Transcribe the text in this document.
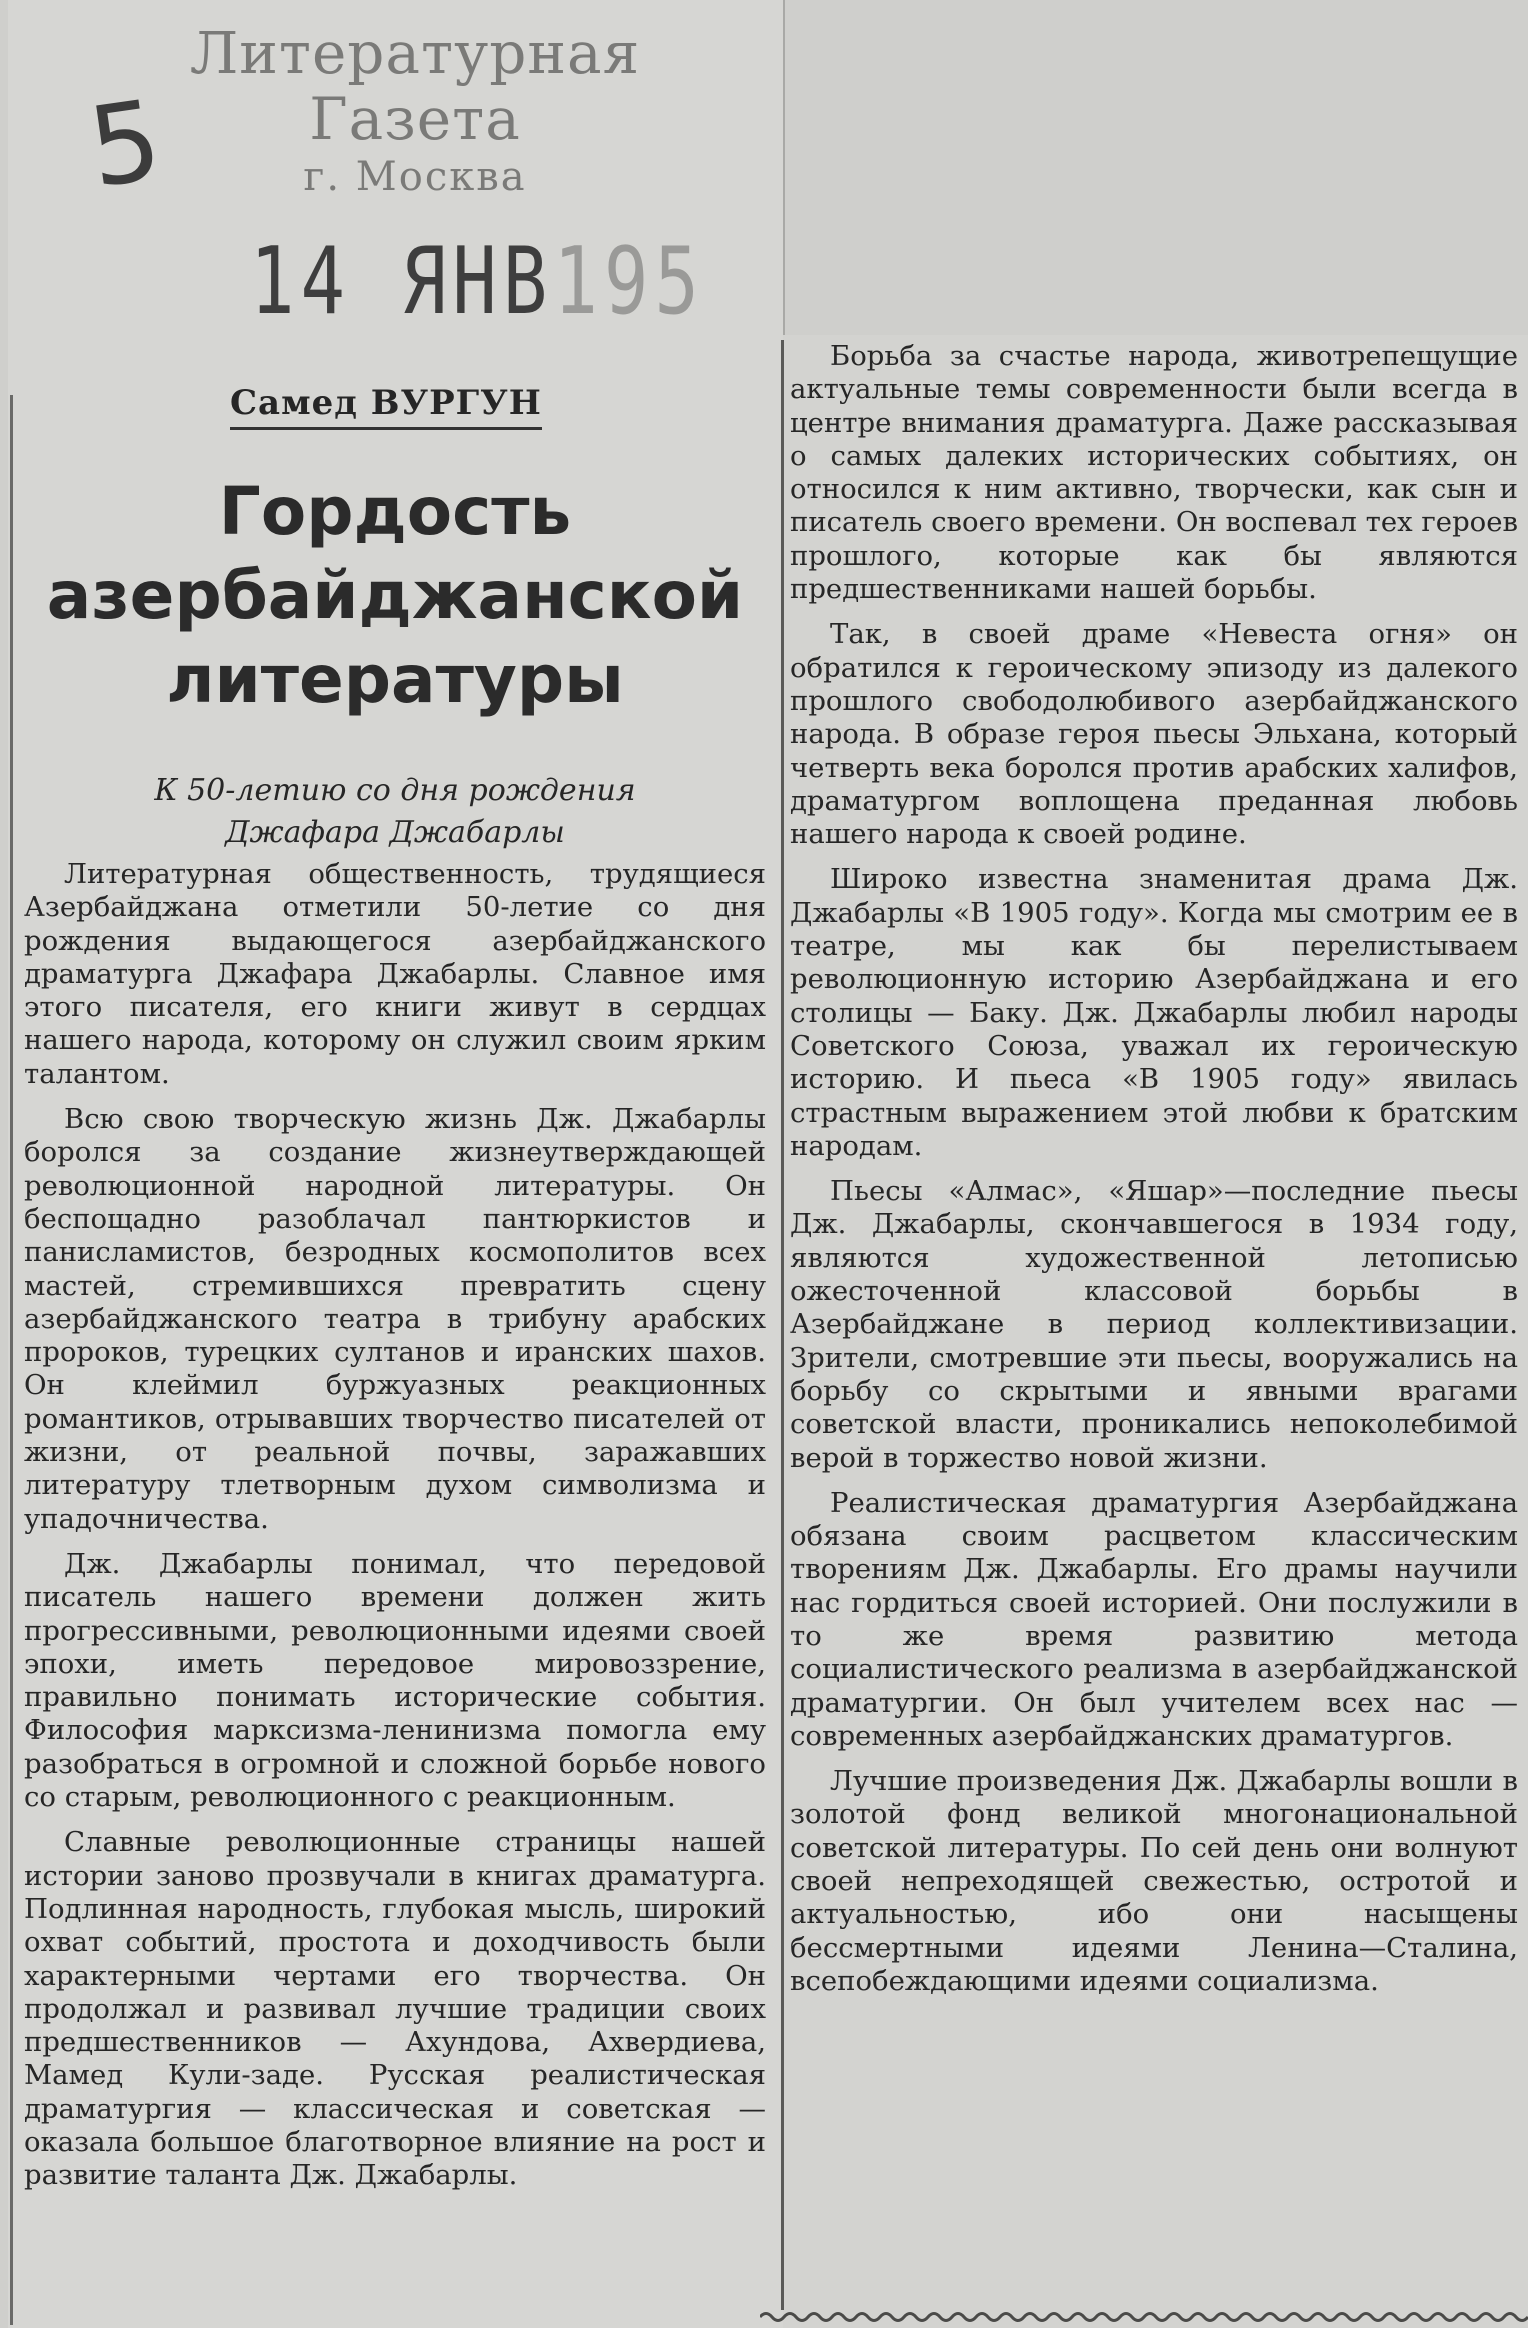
Литературная Газета
г. Москва
5
14 ЯНВ195
Самед ВУРГУН
Гордость
азербайджанской
литературы
К 50-летию со дня рождения
Джафара Джабарлы

Литературная общественность, трудящиеся Азербайджана отметили 50-летие со дня рождения выдающегося азербайджанского драматурга Джафара Джабарлы. Славное имя этого писателя, его книги живут в сердцах нашего народа, которому он служил своим ярким талантом.

Всю свою творческую жизнь Дж. Джабарлы боролся за создание жизнеутверждающей революционной народной литературы. Он беспощадно разоблачал пантюркистов и панисламистов, безродных космополитов всех мастей, стремившихся превратить сцену азербайджанского театра в трибуну арабских пророков, турецких султанов и иранских шахов. Он клеймил буржуазных реакционных романтиков, отрывавших творчество писателей от жизни, от реальной почвы, заражавших литературу тлетворным духом символизма и упадочничества.

Дж. Джабарлы понимал, что передовой писатель нашего времени должен жить прогрессивными, революционными идеями своей эпохи, иметь передовое мировоззрение, правильно понимать исторические события. Философия марксизма-ленинизма помогла ему разобраться в огромной и сложной борьбе нового со старым, революционного с реакционным.

Славные революционные страницы нашей истории заново прозвучали в книгах драматурга. Подлинная народность, глубокая мысль, широкий охват событий, простота и доходчивость были характерными чертами его творчества. Он продолжал и развивал лучшие традиции своих предшественников — Ахундова, Ахвердиева, Мамед Кули-заде. Русская реалистическая драматургия — классическая и советская — оказала большое благотворное влияние на рост и развитие таланта Дж. Джабарлы.

Борьба за счастье народа, животрепещущие актуальные темы современности были всегда в центре внимания драматурга. Даже рассказывая о самых далеких исторических событиях, он относился к ним активно, творчески, как сын и писатель своего времени. Он воспевал тех героев прошлого, которые как бы являются предшественниками нашей борьбы.

Так, в своей драме «Невеста огня» он обратился к героическому эпизоду из далекого прошлого свободолюбивого азербайджанского народа. В образе героя пьесы Эльхана, который четверть века боролся против арабских халифов, драматургом воплощена преданная любовь нашего народа к своей родине.

Широко известна знаменитая драма Дж. Джабарлы «В 1905 году». Когда мы смотрим ее в театре, мы как бы перелистываем революционную историю Азербайджана и его столицы — Баку. Дж. Джабарлы любил народы Советского Союза, уважал их героическую историю. И пьеса «В 1905 году» явилась страстным выражением этой любви к братским народам.

Пьесы «Алмас», «Яшар»—последние пьесы Дж. Джабарлы, скончавшегося в 1934 году, являются художественной летописью ожесточенной классовой борьбы в Азербайджане в период коллективизации. Зрители, смотревшие эти пьесы, вооружались на борьбу со скрытыми и явными врагами советской власти, проникались непоколебимой верой в торжество новой жизни.

Реалистическая драматургия Азербайджана обязана своим расцветом классическим творениям Дж. Джабарлы. Его драмы научили нас гордиться своей историей. Они послужили в то же время развитию метода социалистического реализма в азербайджанской драматургии. Он был учителем всех нас — современных азербайджанских драматургов.

Лучшие произведения Дж. Джабарлы вошли в золотой фонд великой многонациональной советской литературы. По сей день они волнуют своей непреходящей свежестью, остротой и актуальностью, ибо они насыщены бессмертными идеями Ленина—Сталина, всепобеждающими идеями социализма.
